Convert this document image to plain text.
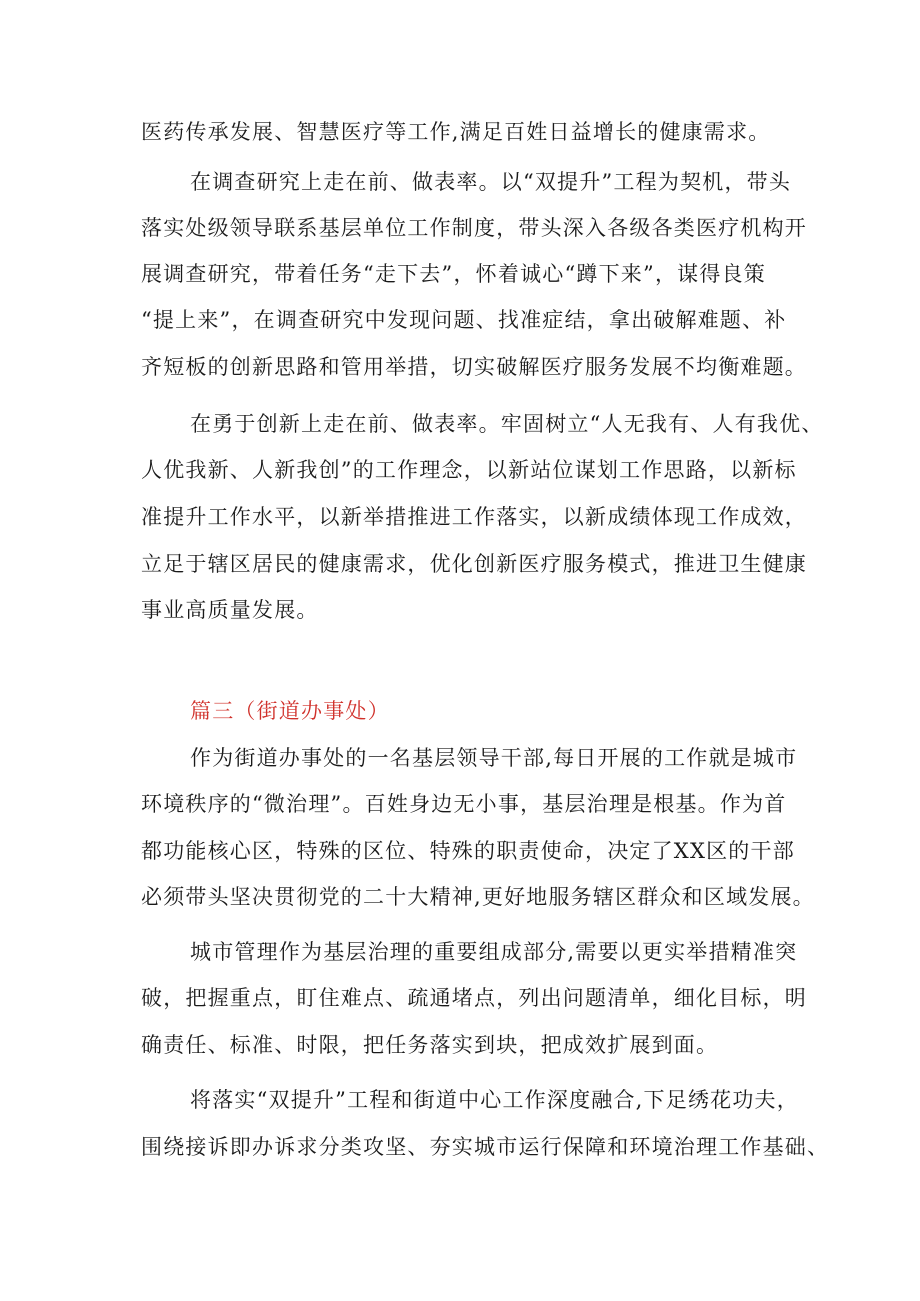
医药传承发展、智慧医疗等工作,满足百姓日益增长的健康需求。
在调查研究上走在前、做表率。以“双提升”工程为契机，带头
落实处级领导联系基层单位工作制度，带头深入各级各类医疗机构开
展调查研究，带着任务“走下去”，怀着诚心“蹲下来”，谋得良策
“提上来”，在调查研究中发现问题、找准症结，拿出破解难题、补
齐短板的创新思路和管用举措，切实破解医疗服务发展不均衡难题。
在勇于创新上走在前、做表率。牢固树立“人无我有、人有我优、
人优我新、人新我创”的工作理念，以新站位谋划工作思路，以新标
准提升工作水平，以新举措推进工作落实，以新成绩体现工作成效，
立足于辖区居民的健康需求，优化创新医疗服务模式，推进卫生健康
事业高质量发展。
篇三（街道办事处）
作为街道办事处的一名基层领导干部,每日开展的工作就是城市
环境秩序的“微治理”。百姓身边无小事，基层治理是根基。作为首
都功能核心区，特殊的区位、特殊的职责使命，决定了XX区的干部
必须带头坚决贯彻党的二十大精神,更好地服务辖区群众和区域发展。
城市管理作为基层治理的重要组成部分,需要以更实举措精准突
破，把握重点，盯住难点、疏通堵点，列出问题清单，细化目标，明
确责任、标准、时限，把任务落实到块，把成效扩展到面。
将落实“双提升”工程和街道中心工作深度融合,下足绣花功夫，
围绕接诉即办诉求分类攻坚、夯实城市运行保障和环境治理工作基础、
